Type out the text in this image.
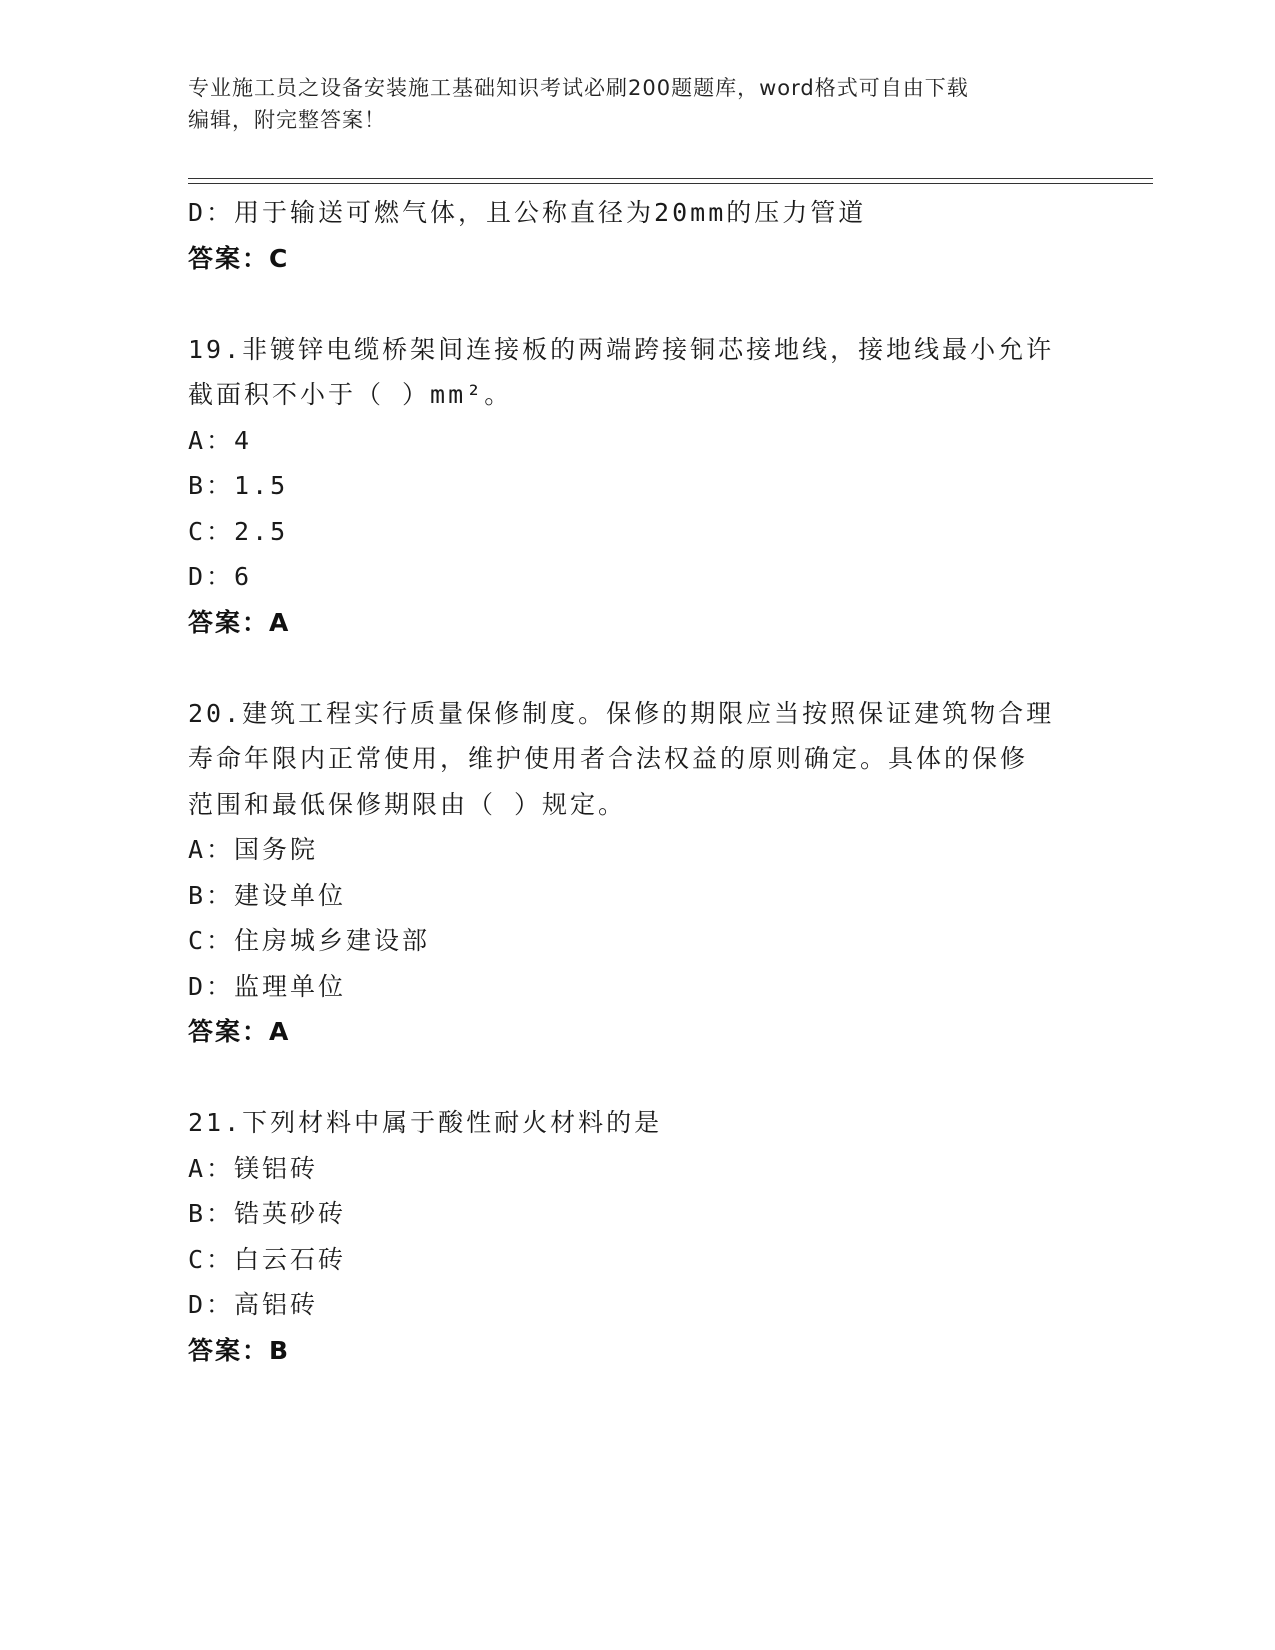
专业施工员之设备安装施工基础知识考试必刷200题题库，word格式可自由下载
编辑，附完整答案！
D：用于输送可燃气体，且公称直径为20mm的压力管道
答案：C
19.非镀锌电缆桥架间连接板的两端跨接铜芯接地线，接地线最小允许
截面积不小于（ ）mm²。
A：4
B：1.5
C：2.5
D：6
答案：A
20.建筑工程实行质量保修制度。保修的期限应当按照保证建筑物合理
寿命年限内正常使用，维护使用者合法权益的原则确定。具体的保修
范围和最低保修期限由（ ）规定。
A：国务院
B：建设单位
C：住房城乡建设部
D：监理单位
答案：A
21.下列材料中属于酸性耐火材料的是
A：镁铝砖
B：锆英砂砖
C：白云石砖
D：高铝砖
答案：B
